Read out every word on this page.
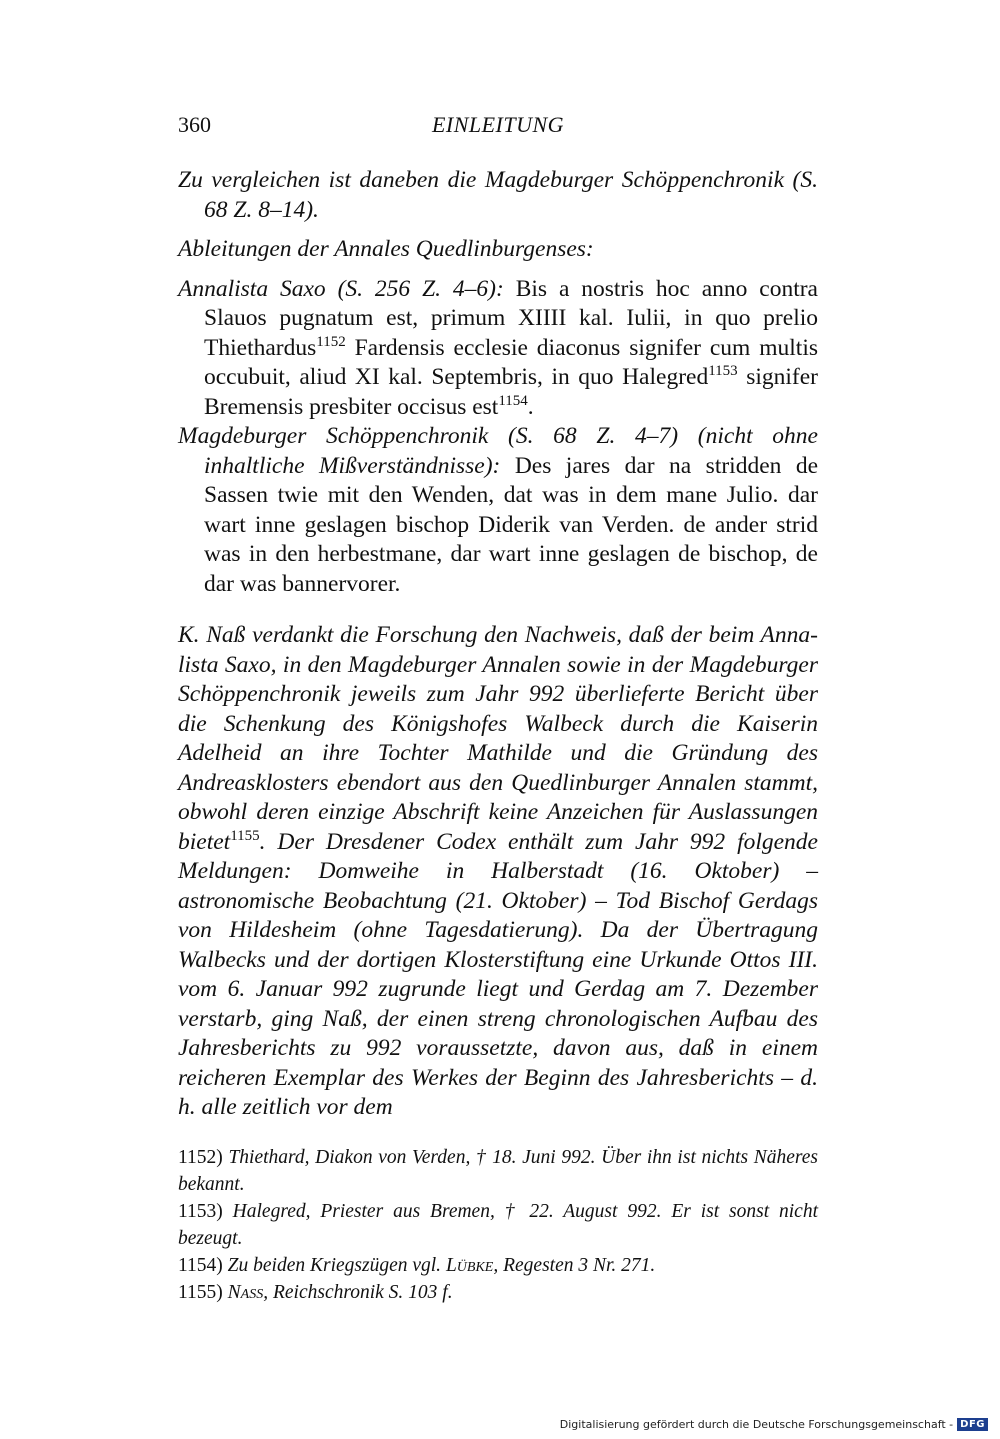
360	EINLEITUNG

Zu vergleichen ist daneben die Magdeburger Schöppenchronik (S. 68 Z. 8–14).

Ableitungen der Annales Quedlinburgenses:

Annalista Saxo (S. 256 Z. 4–6): Bis a nostris hoc anno contra Slauos pugnatum est, primum XIIII kal. Iulii, in quo prelio Thiethardus$^{1152}$ Fardensis ecclesie diaconus signifer cum multis occubuit, aliud XI kal. Septembris, in quo Halegred$^{1153}$ signifer Bremensis presbiter occisus est$^{1154}$.

Magdeburger Schöppenchronik (S. 68 Z. 4–7) (nicht ohne inhaltliche Mißverständnisse): Des jares dar na stridden de Sassen twie mit den Wenden, dat was in dem mane Julio. dar wart inne geslagen bischop Diderik van Verden. de ander strid was in den herbestmane, dar wart inne geslagen de bischop, de dar was bannervorer.

K. Naß verdankt die Forschung den Nachweis, daß der beim Annalista Saxo, in den Magdeburger Annalen sowie in der Magdeburger Schöppenchronik jeweils zum Jahr 992 überlieferte Bericht über die Schenkung des Königshofes Walbeck durch die Kaiserin Adelheid an ihre Tochter Mathilde und die Gründung des Andreasklosters ebendort aus den Quedlinburger Annalen stammt, obwohl deren einzige Abschrift keine Anzeichen für Auslassungen bietet$^{1155}$. Der Dresdener Codex enthält zum Jahr 992 folgende Meldungen: Domweihe in Halberstadt (16. Oktober) – astronomische Beobachtung (21. Oktober) – Tod Bischof Gerdags von Hildesheim (ohne Tagesdatierung). Da der Übertragung Walbecks und der dortigen Klosterstiftung eine Urkunde Ottos III. vom 6. Januar 992 zugrunde liegt und Gerdag am 7. Dezember verstarb, ging Naß, der einen streng chronologischen Aufbau des Jahresberichts zu 992 voraussetzte, davon aus, daß in einem reicheren Exemplar des Werkes der Beginn des Jahresberichts – d. h. alle zeitlich vor dem

1152) Thiethard, Diakon von Verden, † 18. Juni 992. Über ihn ist nichts Näheres bekannt.

1153) Halegred, Priester aus Bremen, † 22. August 992. Er ist sonst nicht bezeugt.

1154) Zu beiden Kriegszügen vgl. Lübke, Regesten 3 Nr. 271.

1155) Nass, Reichschronik S. 103 f.

Digitalisierung gefördert durch die Deutsche Forschungsgemeinschaft - DFG
